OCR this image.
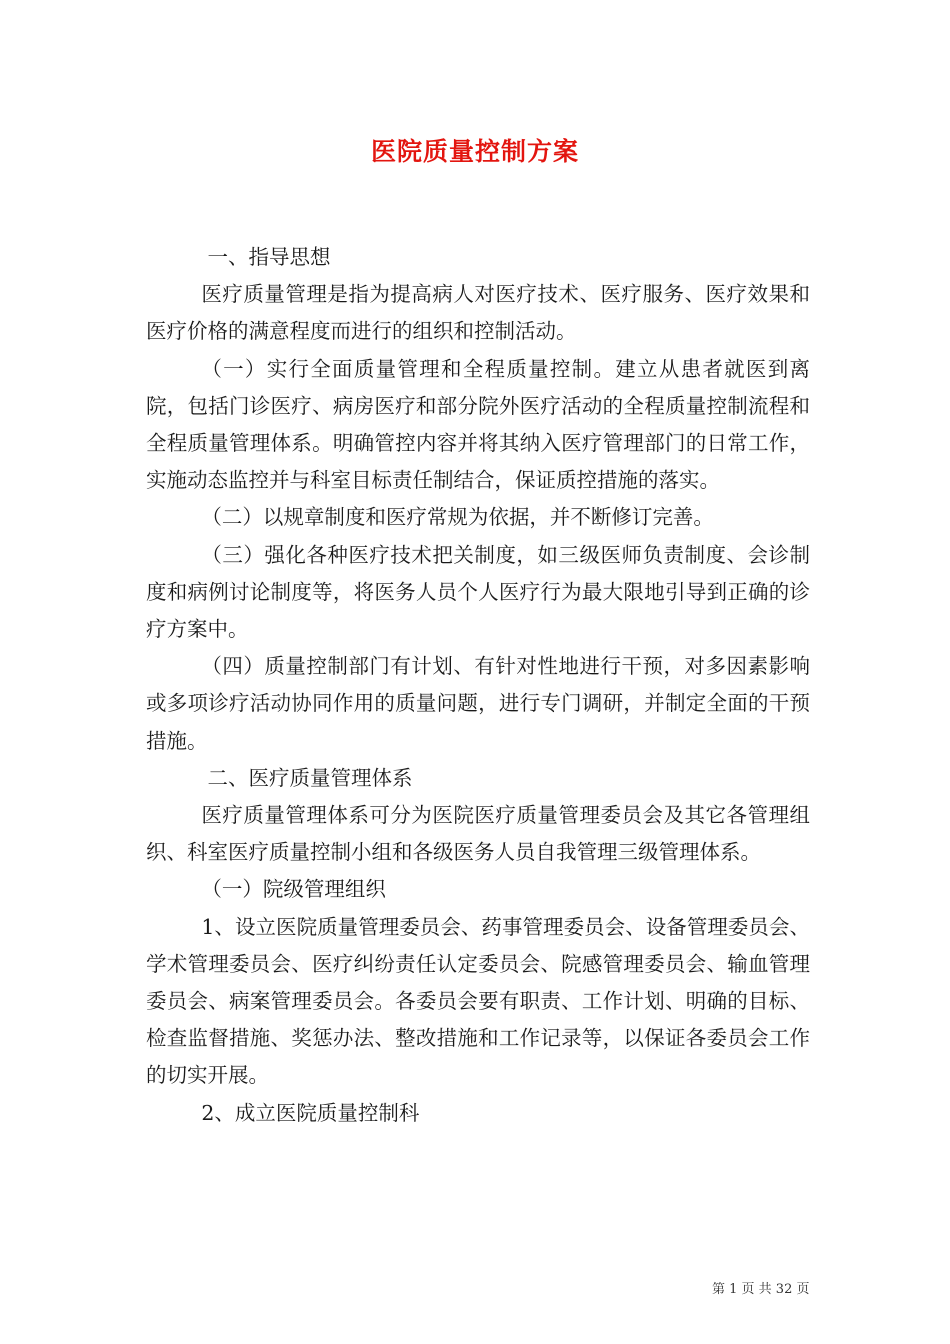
医院质量控制方案

一、指导思想

医疗质量管理是指为提高病人对医疗技术、医疗服务、医疗效果和医疗价格的满意程度而进行的组织和控制活动。

（一）实行全面质量管理和全程质量控制。建立从患者就医到离院，包括门诊医疗、病房医疗和部分院外医疗活动的全程质量控制流程和全程质量管理体系。明确管控内容并将其纳入医疗管理部门的日常工作，实施动态监控并与科室目标责任制结合，保证质控措施的落实。

（二）以规章制度和医疗常规为依据，并不断修订完善。

（三）强化各种医疗技术把关制度，如三级医师负责制度、会诊制度和病例讨论制度等，将医务人员个人医疗行为最大限地引导到正确的诊疗方案中。

（四）质量控制部门有计划、有针对性地进行干预，对多因素影响或多项诊疗活动协同作用的质量问题，进行专门调研，并制定全面的干预措施。

二、医疗质量管理体系

医疗质量管理体系可分为医院医疗质量管理委员会及其它各管理组织、科室医疗质量控制小组和各级医务人员自我管理三级管理体系。

（一）院级管理组织

1、设立医院质量管理委员会、药事管理委员会、设备管理委员会、学术管理委员会、医疗纠纷责任认定委员会、院感管理委员会、输血管理委员会、病案管理委员会。各委员会要有职责、工作计划、明确的目标、检查监督措施、奖惩办法、整改措施和工作记录等，以保证各委员会工作的切实开展。

2、成立医院质量控制科

第 1 页 共 32 页
